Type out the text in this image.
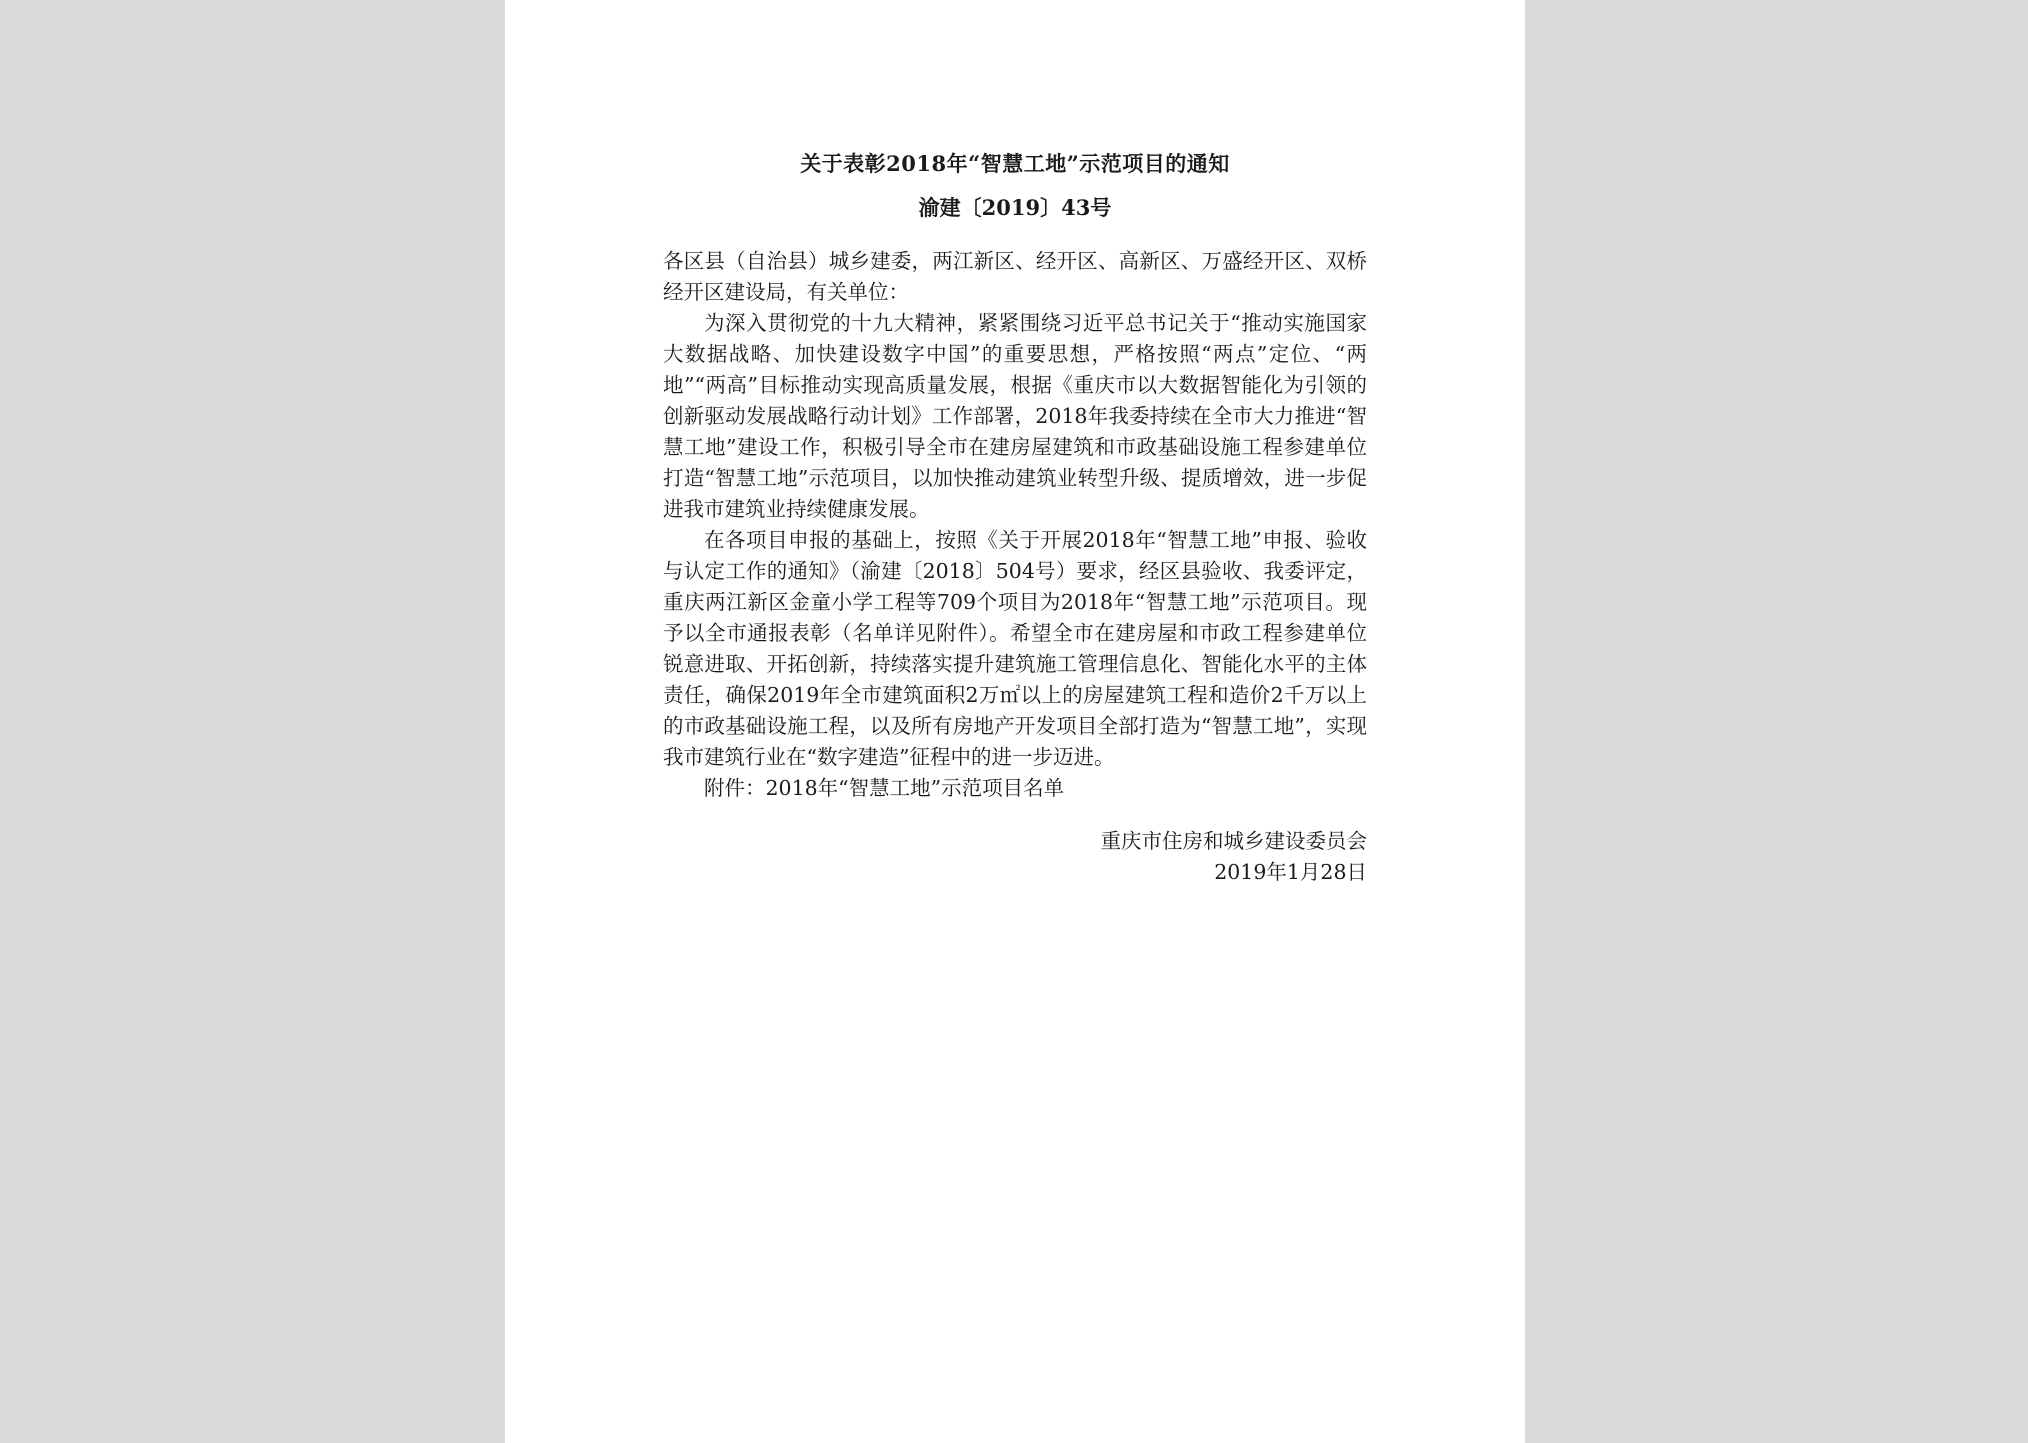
关于表彰2018年“智慧工地”示范项目的通知
渝建〔2019〕43号

各区县（自治县）城乡建委，两江新区、经开区、高新区、万盛经开区、双桥经开区建设局，有关单位：

为深入贯彻党的十九大精神，紧紧围绕习近平总书记关于“推动实施国家大数据战略、加快建设数字中国”的重要思想，严格按照“两点”定位、“两地”“两高”目标推动实现高质量发展，根据《重庆市以大数据智能化为引领的创新驱动发展战略行动计划》工作部署，2018年我委持续在全市大力推进“智慧工地”建设工作，积极引导全市在建房屋建筑和市政基础设施工程参建单位打造“智慧工地”示范项目，以加快推动建筑业转型升级、提质增效，进一步促进我市建筑业持续健康发展。

在各项目申报的基础上，按照《关于开展2018年“智慧工地”申报、验收与认定工作的通知》（渝建〔2018〕504号）要求，经区县验收、我委评定，重庆两江新区金童小学工程等709个项目为2018年“智慧工地”示范项目。现予以全市通报表彰（名单详见附件）。希望全市在建房屋和市政工程参建单位锐意进取、开拓创新，持续落实提升建筑施工管理信息化、智能化水平的主体责任，确保2019年全市建筑面积2万㎡以上的房屋建筑工程和造价2千万以上的市政基础设施工程，以及所有房地产开发项目全部打造为“智慧工地”，实现我市建筑行业在“数字建造”征程中的进一步迈进。

附件：2018年“智慧工地”示范项目名单

重庆市住房和城乡建设委员会
2019年1月28日
